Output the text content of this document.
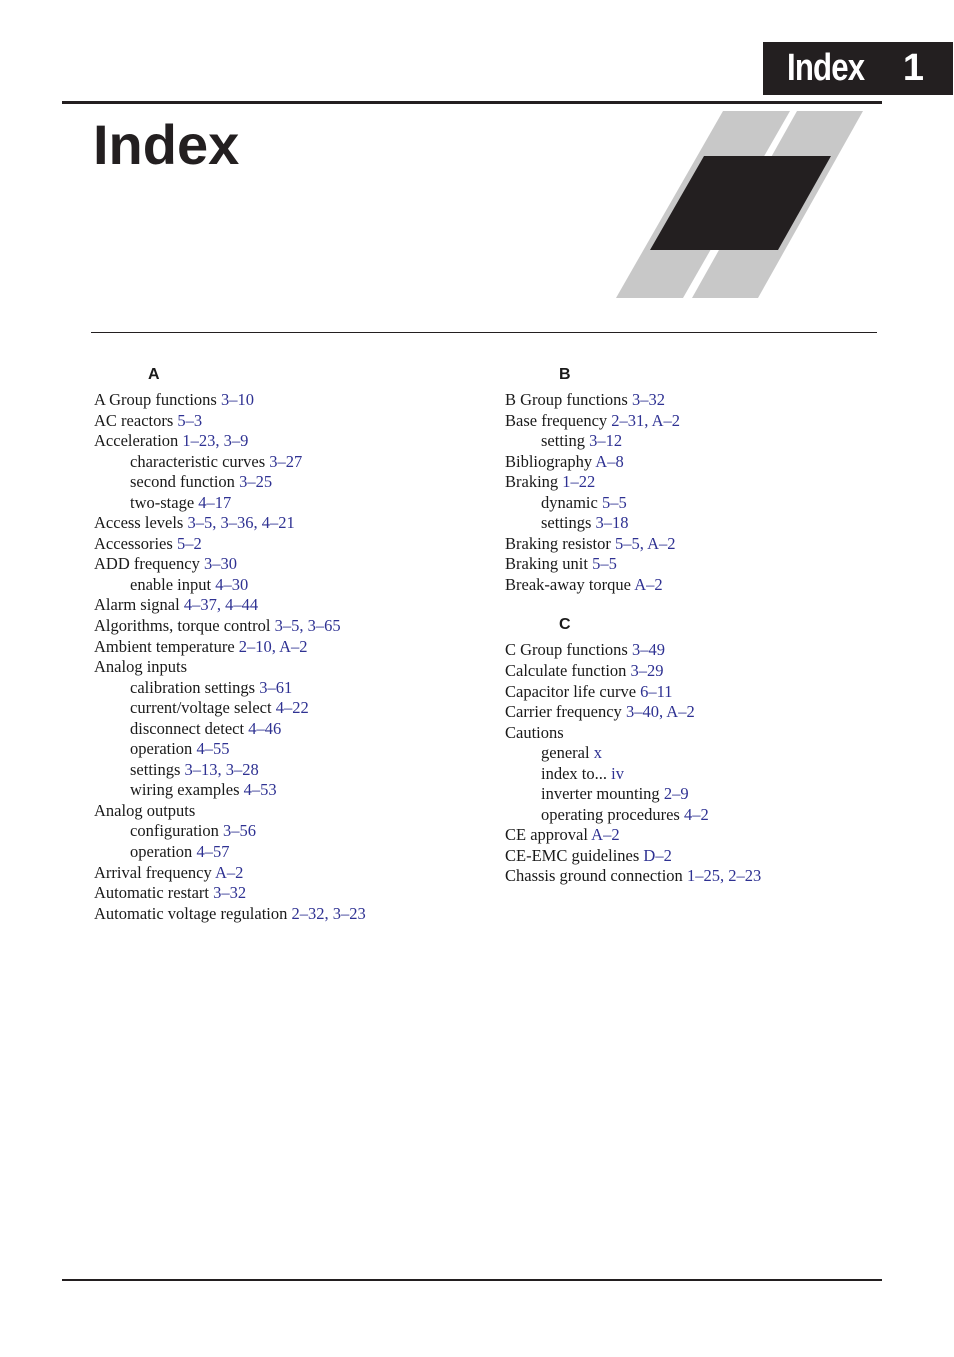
Index 1
Index
A
A Group functions 3–10
AC reactors 5–3
Acceleration 1–23, 3–9
characteristic curves 3–27
second function 3–25
two-stage 4–17
Access levels 3–5, 3–36, 4–21
Accessories 5–2
ADD frequency 3–30
enable input 4–30
Alarm signal 4–37, 4–44
Algorithms, torque control 3–5, 3–65
Ambient temperature 2–10, A–2
Analog inputs
calibration settings 3–61
current/voltage select 4–22
disconnect detect 4–46
operation 4–55
settings 3–13, 3–28
wiring examples 4–53
Analog outputs
configuration 3–56
operation 4–57
Arrival frequency A–2
Automatic restart 3–32
Automatic voltage regulation 2–32, 3–23
B
B Group functions 3–32
Base frequency 2–31, A–2
setting 3–12
Bibliography A–8
Braking 1–22
dynamic 5–5
settings 3–18
Braking resistor 5–5, A–2
Braking unit 5–5
Break-away torque A–2
C
C Group functions 3–49
Calculate function 3–29
Capacitor life curve 6–11
Carrier frequency 3–40, A–2
Cautions
general x
index to... iv
inverter mounting 2–9
operating procedures 4–2
CE approval A–2
CE-EMC guidelines D–2
Chassis ground connection 1–25, 2–23
